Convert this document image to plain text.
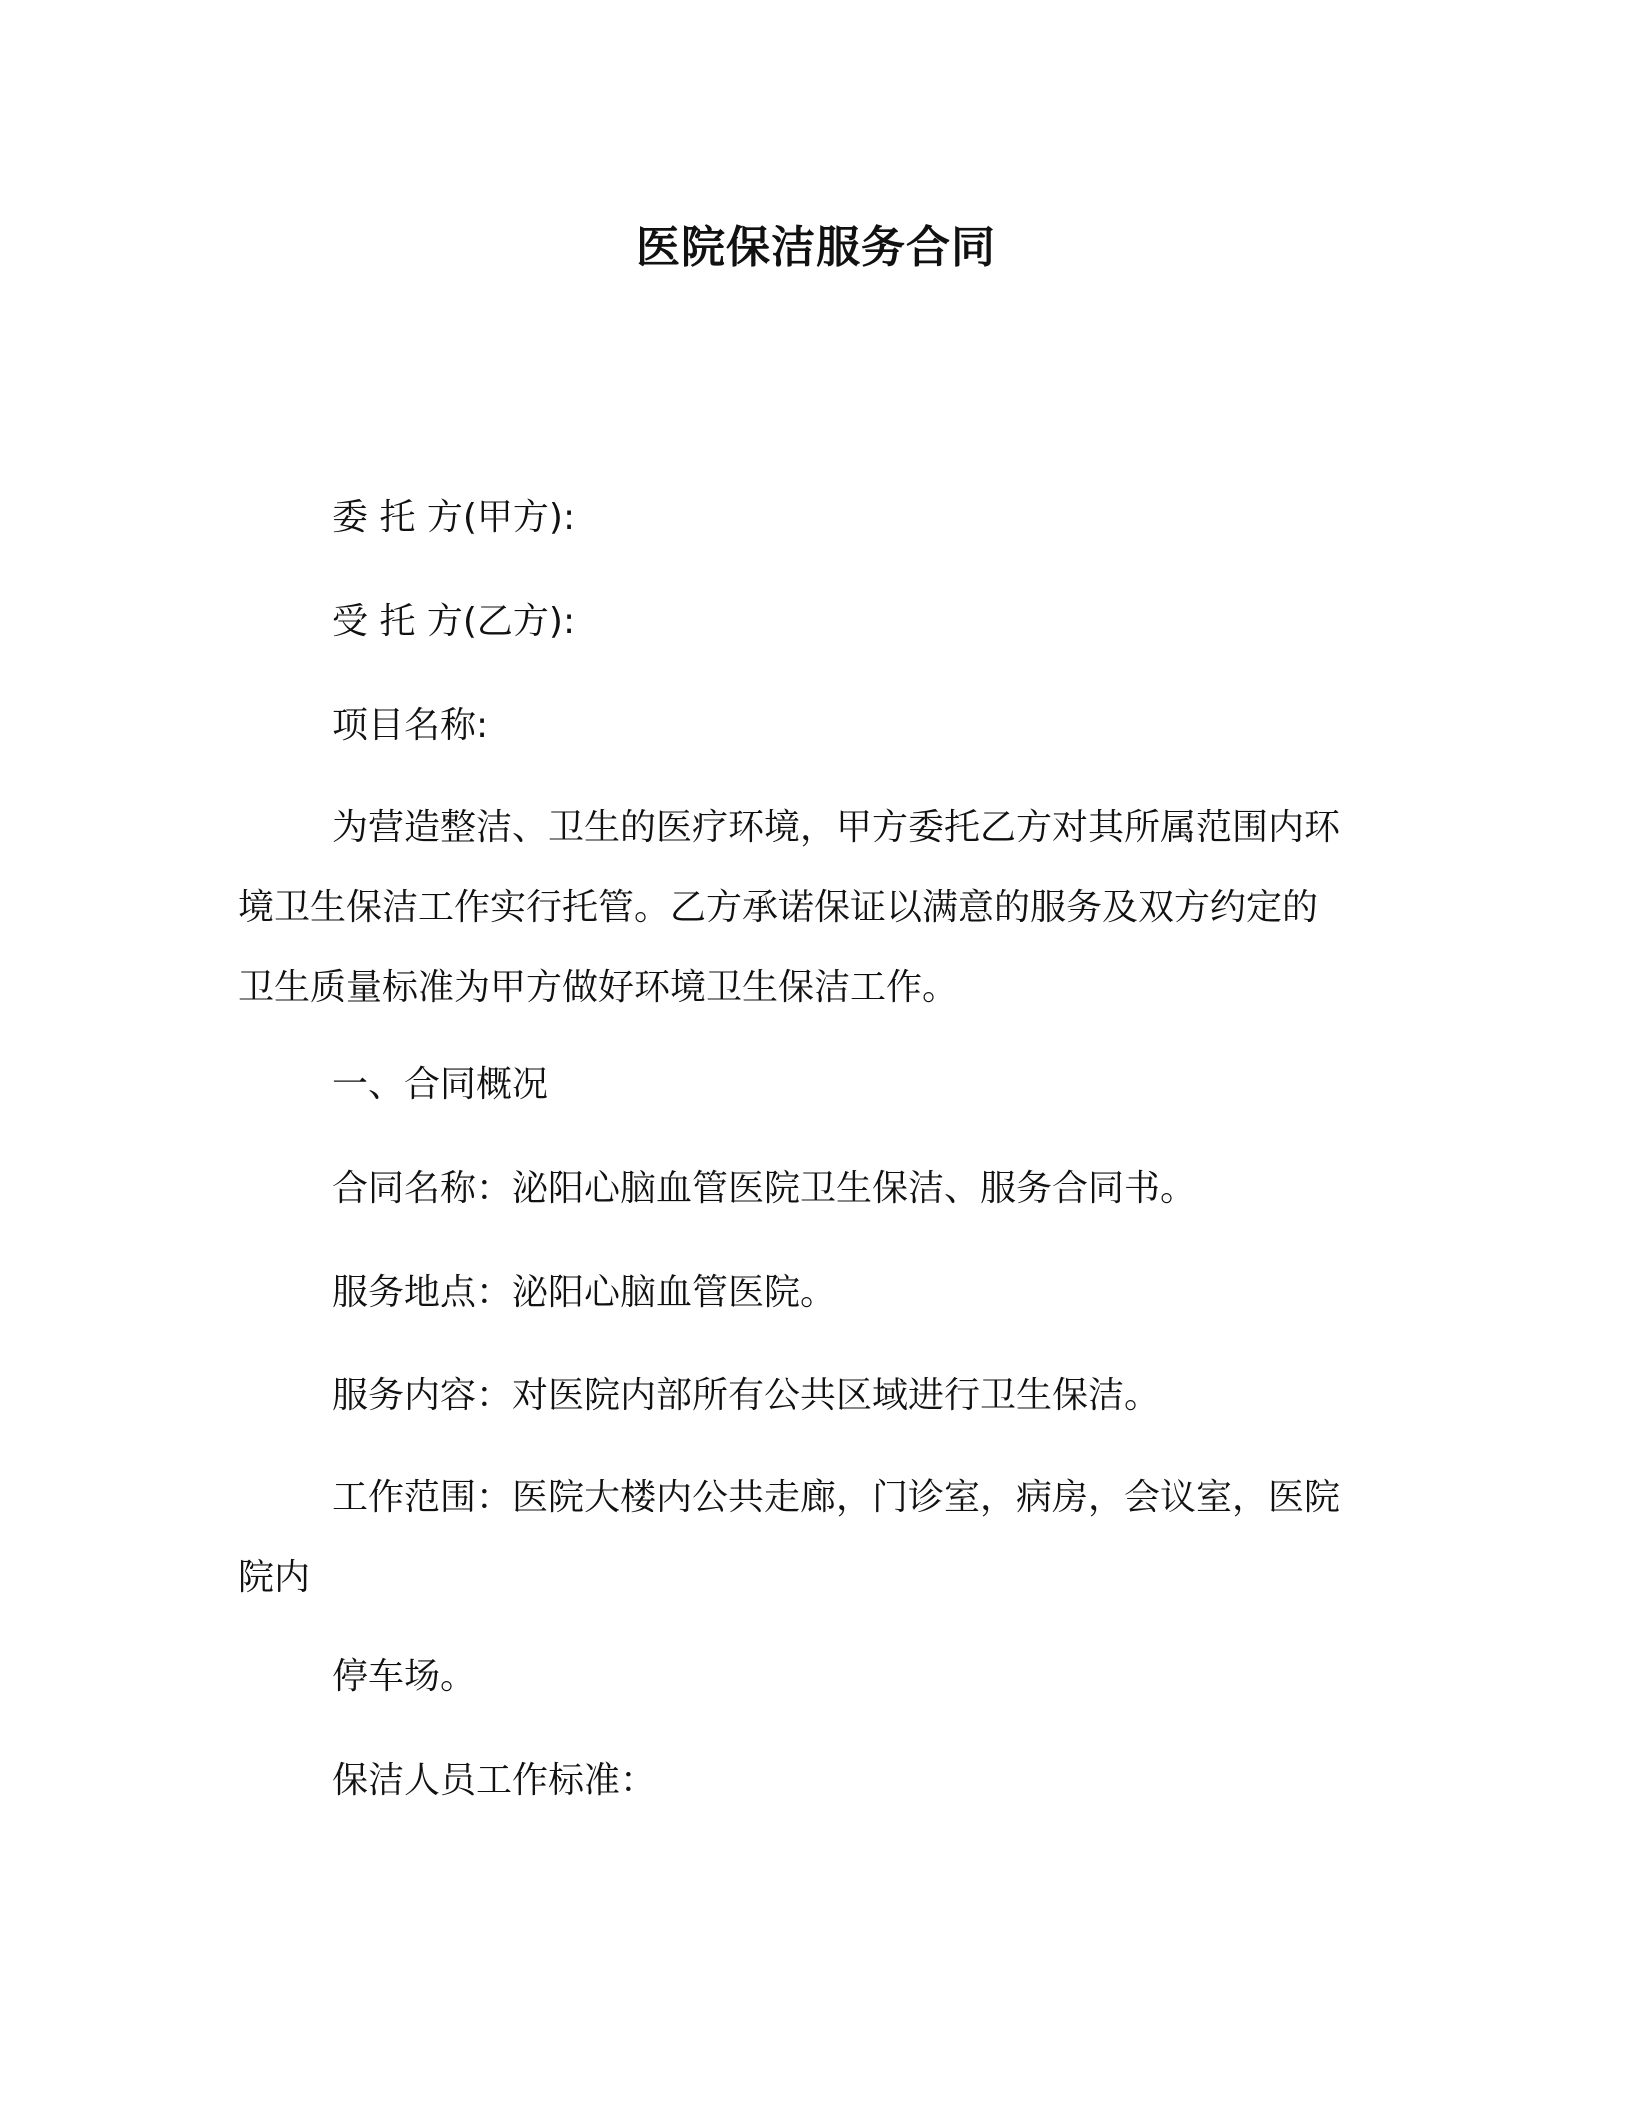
医院保洁服务合同
委 托 方(甲方):
受 托 方(乙方):
项目名称:
为营造整洁、卫生的医疗环境，甲方委托乙方对其所属范围内环
境卫生保洁工作实行托管。乙方承诺保证以满意的服务及双方约定的
卫生质量标准为甲方做好环境卫生保洁工作。
一、合同概况
合同名称：泌阳心脑血管医院卫生保洁、服务合同书。
服务地点：泌阳心脑血管医院。
服务内容：对医院内部所有公共区域进行卫生保洁。
工作范围：医院大楼内公共走廊，门诊室，病房，会议室，医院
院内
停车场。
保洁人员工作标准：
